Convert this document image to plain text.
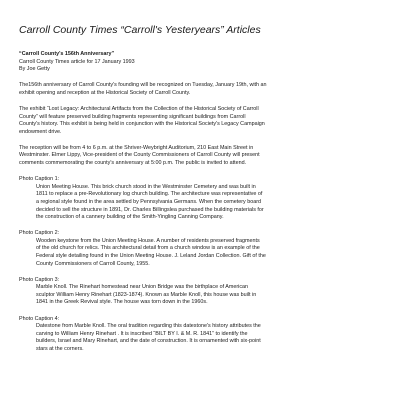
Carroll County Times “Carroll's Yesteryears” Articles
“Carroll County's 156th Anniversary”
Carroll County Times article for 17 January 1993
By Joe Getty
The156th anniversary of Carroll County's founding will be recognized on Tuesday, January 19th, with an
exhibit opening and reception at the Historical Society of Carroll County.
The exhibit “Lost Legacy: Architectural Artifacts from the Collection of the Historical Society of Carroll
County” will feature preserved building fragments representing significant buildings from Carroll
County's history. This exhibit is being held in conjunction with the Historical Society's Legacy Campaign
endowment drive.
The reception will be from 4 to 6 p.m. at the Shriver-Weybright Auditorium, 210 East Main Street in
Westminster. Elmer Lippy, Vice-president of the County Commissioners of Carroll County will present
comments commemorating the county's anniversary at 5:00 p.m. The public is invited to attend.
Photo Caption 1:
Union Meeting House. This brick church stood in the Westminster Cemetery and was built in
1811 to replace a pre-Revolutionary log church building. The architecture was representative of
a regional style found in the area settled by Pennsylvania Germans. When the cemetery board
decided to sell the structure in 1891, Dr. Charles Billingslea purchased the building materials for
the construction of a cannery building of the Smith-Yingling Canning Company.
Photo Caption 2:
Wooden keystone from the Union Meeting House. A number of residents preserved fragments
of the old church for relics. This architectural detail from a church window is an example of the
Federal style detailing found in the Union Meeting House. J. Leland Jordan Collection. Gift of the
County Commissioners of Carroll County, 1955.
Photo Caption 3:
Marble Knoll. The Rinehart homestead near Union Bridge was the birthplace of American
sculptor William Henry Rinehart (1823-1874). Known as Marble Knoll, this house was built in
1841 in the Greek Revival style. The house was torn down in the 1960s.
Photo Caption 4:
Datestone from Marble Knoll. The oral tradition regarding this datestone's history attributes the
carving to William Henry Rinehart . It is inscribed “BILT BY I. & M. R. 1841” to identify the
builders, Israel and Mary Rinehart, and the date of construction. It is ornamented with six-point
stars at the corners.
